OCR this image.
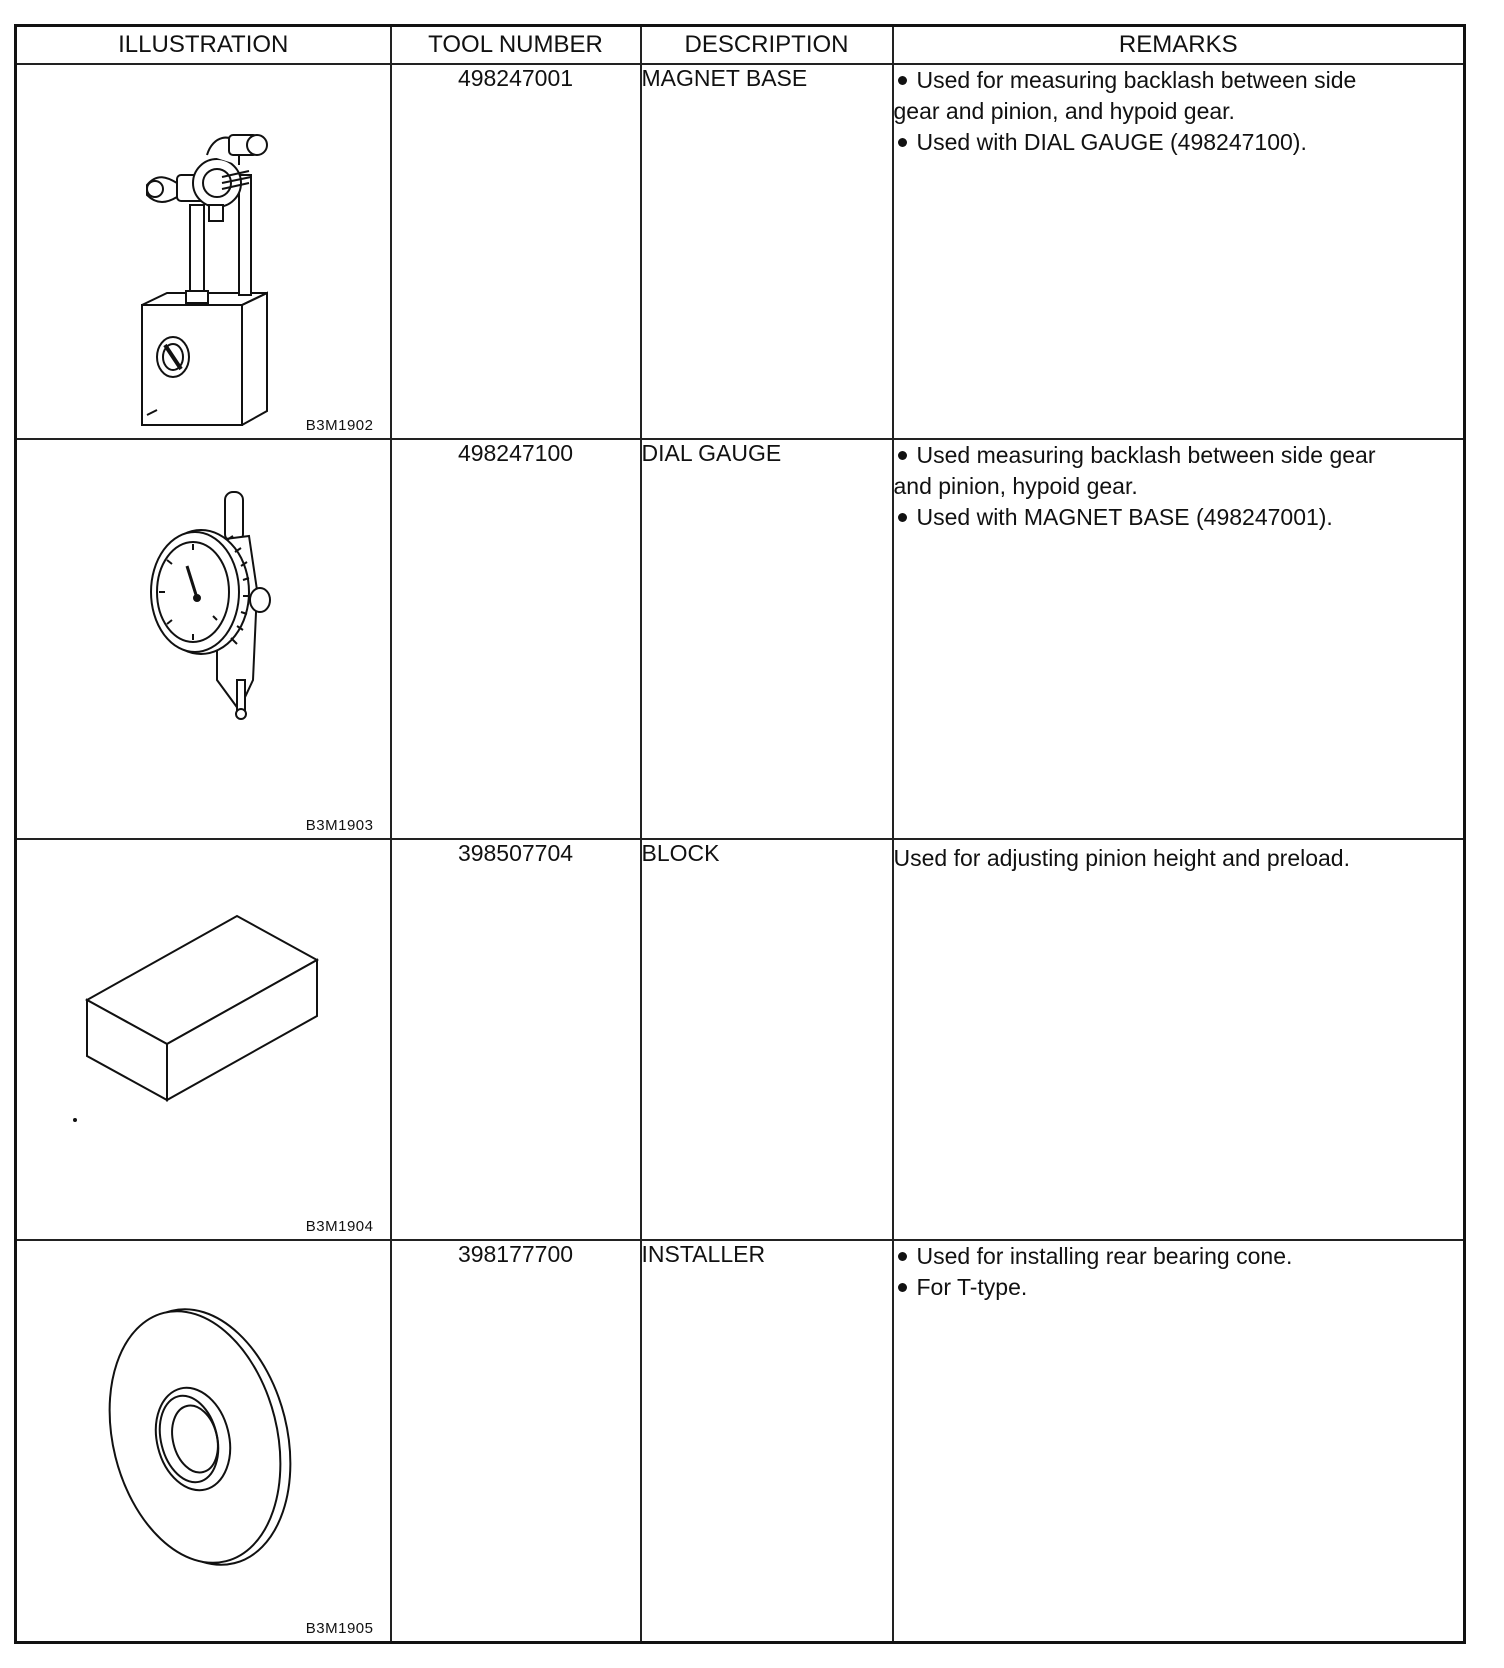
ILLUSTRATION	TOOL NUMBER	DESCRIPTION	REMARKS

B3M1902	498247001	MAGNET BASE	Used for measuring backlash between side
gear and pinion, and hypoid gear.
Used with DIAL GAUGE (498247100).

B3M1903	498247100	DIAL GAUGE	Used measuring backlash between side gear
and pinion, hypoid gear.
Used with MAGNET BASE (498247001).

B3M1904	398507704	BLOCK	Used for adjusting pinion height and preload.

B3M1905	398177700	INSTALLER	Used for installing rear bearing cone.
For T-type.
